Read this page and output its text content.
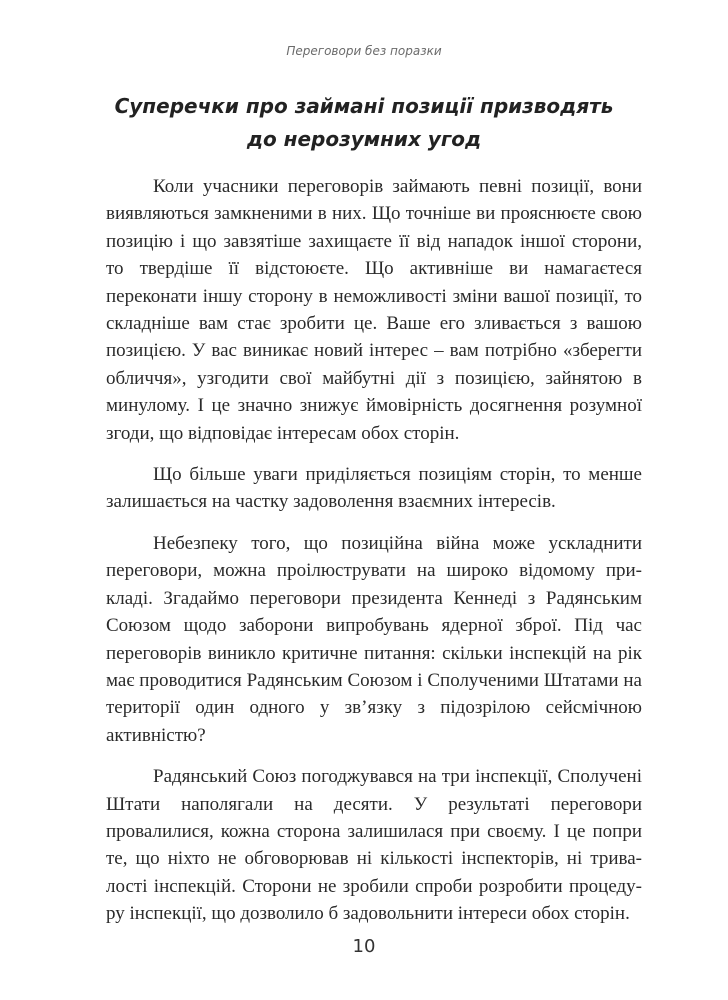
Переговори без поразки
Суперечки про займані позиції призводять
до нерозумних угод

Коли учасники переговорів займають певні позиції, вони виявляються замкненими в них. Що точніше ви прояснюєте свою позицію і що завзятіше захищаєте її від нападок іншої сторони, то твердіше її відстоюєте. Що активніше ви намагаєтеся переконати іншу сторону в неможливості зміни вашої позиції, то складніше вам стає зробити це. Ваше его зливається з вашою позицією. У вас виникає новий інтерес – вам потрібно «зберегти обличчя», узгодити свої майбутні дії з позицією, зайнятою в минулому. І це значно знижує ймовірність досягнення розумної згоди, що відповідає інтересам обох сторін.

Що більше уваги приділяється позиціям сторін, то менше залишається на частку задоволення взаємних інтересів.

Небезпеку того, що позиційна війна може ускладнити переговори, можна проілюструвати на широко відомому прикладі. Згадаймо переговори президента Кеннеді з Радянським Союзом щодо заборони випробувань ядерної зброї. Під час переговорів виникло критичне питання: скільки інспекцій на рік має проводитися Радянським Союзом і Сполученими Штатами на території один одного у зв’язку з підозрілою сейсмічною активністю?

Радянський Союз погоджувався на три інспекції, Сполучені Штати наполягали на десяти. У результаті переговори провалилися, кожна сторона залишилася при своєму. І це попри те, що ніхто не обговорював ні кількості інспекторів, ні тривалості інспекцій. Сторони не зробили спроби розробити процедуру інспекції, що дозволило б задовольнити інтереси обох сторін.

10
